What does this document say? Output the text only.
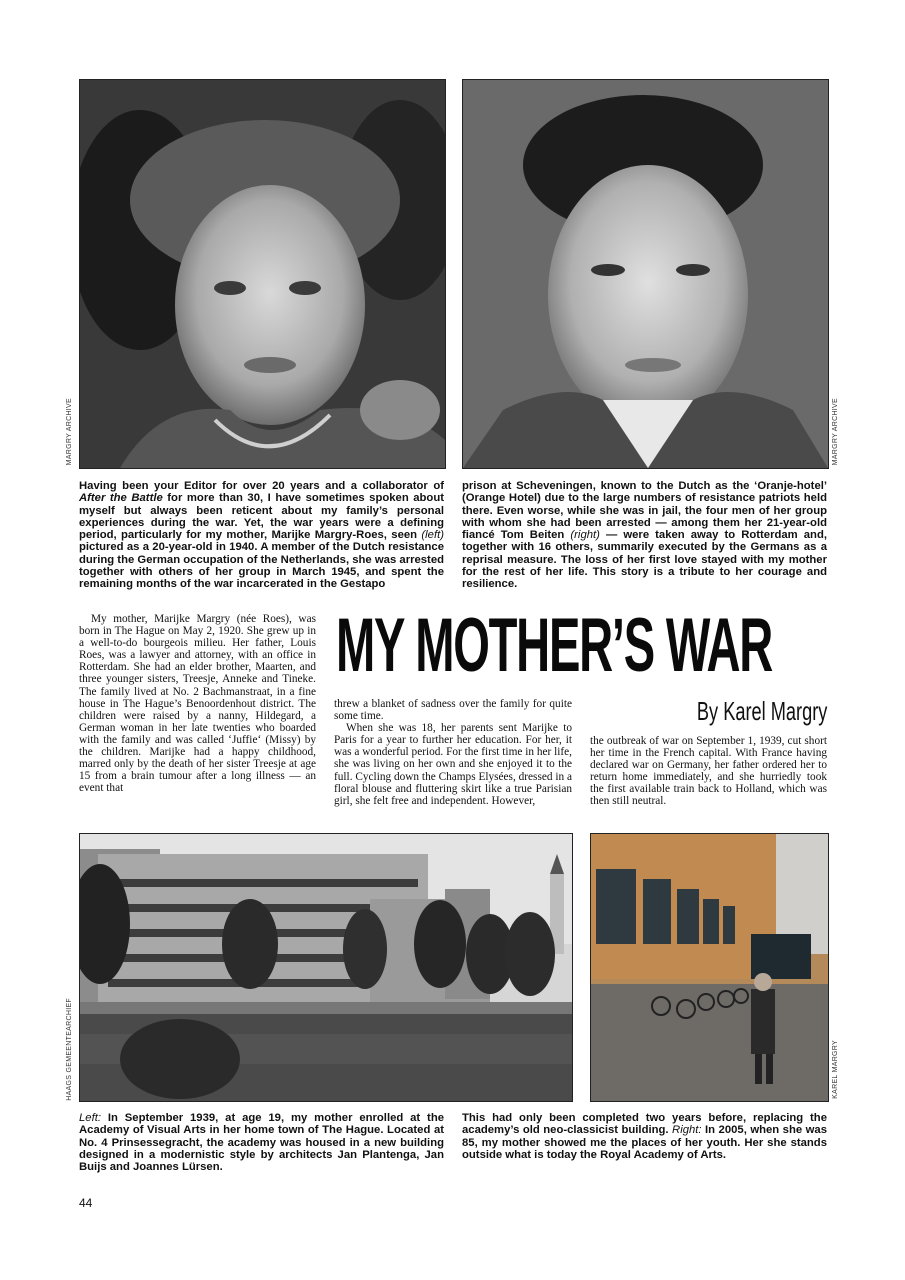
MARGRY ARCHIVE	MARGRY ARCHIVE
Having been your Editor for over 20 years and a collaborator of After the Battle for more than 30, I have sometimes spoken about myself but always been reticent about my family’s personal experiences during the war. Yet, the war years were a defining period, particularly for my mother, Marijke Margry-Roes, seen (left) pictured as a 20-year-old in 1940. A member of the Dutch resistance during the German occupation of the Netherlands, she was arrested together with others of her group in March 1945, and spent the remaining months of the war incarcerated in the Gestapo
prison at Scheveningen, known to the Dutch as the ‘Oranje-hotel’ (Orange Hotel) due to the large numbers of resistance patriots held there. Even worse, while she was in jail, the four men of her group with whom she had been arrested — among them her 21-year-old fiancé Tom Beiten (right) — were taken away to Rotterdam and, together with 16 others, summarily executed by the Germans as a reprisal measure. The loss of her first love stayed with my mother for the rest of her life. This story is a tribute to her courage and resilience.

My mother, Marijke Margry (née Roes), was born in The Hague on May 2, 1920. She grew up in a well-to-do bourgeois milieu. Her father, Louis Roes, was a lawyer and attorney, with an office in Rotterdam. She had an elder brother, Maarten, and three younger sisters, Treesje, Anneke and Tineke. The family lived at No. 2 Bachmanstraat, in a fine house in The Hague’s Benoordenhout district. The children were raised by a nanny, Hildegard, a German woman in her late twenties who boarded with the family and was called ‘Juffie‘ (Missy) by the children. Marijke had a happy childhood, marred only by the death of her sister Treesje at age 15 from a brain tumour after a long illness — an event that

MY MOTHER’S WAR
By Karel Margry

threw a blanket of sadness over the family for quite some time.

When she was 18, her parents sent Marijke to Paris for a year to further her education. For her, it was a wonderful period. For the first time in her life, she was living on her own and she enjoyed it to the full. Cycling down the Champs Elysées, dressed in a floral blouse and fluttering skirt like a true Parisian girl, she felt free and independent. However,

the outbreak of war on September 1, 1939, cut short her time in the French capital. With France having declared war on Germany, her father ordered her to return home immediately, and she hurriedly took the first available train back to Holland, which was then still neutral.

HAAGS GEMEENTEARCHIEF	KAREL MARGRY
Left: In September 1939, at age 19, my mother enrolled at the Academy of Visual Arts in her home town of The Hague. Located at No. 4 Prinsessegracht, the academy was housed in a new building designed in a modernistic style by architects Jan Plantenga, Jan Buijs and Joannes Lürsen.
This had only been completed two years before, replacing the academy’s old neo-classicist building. Right: In 2005, when she was 85, my mother showed me the places of her youth. Her she stands outside what is today the Royal Academy of Arts.
44
